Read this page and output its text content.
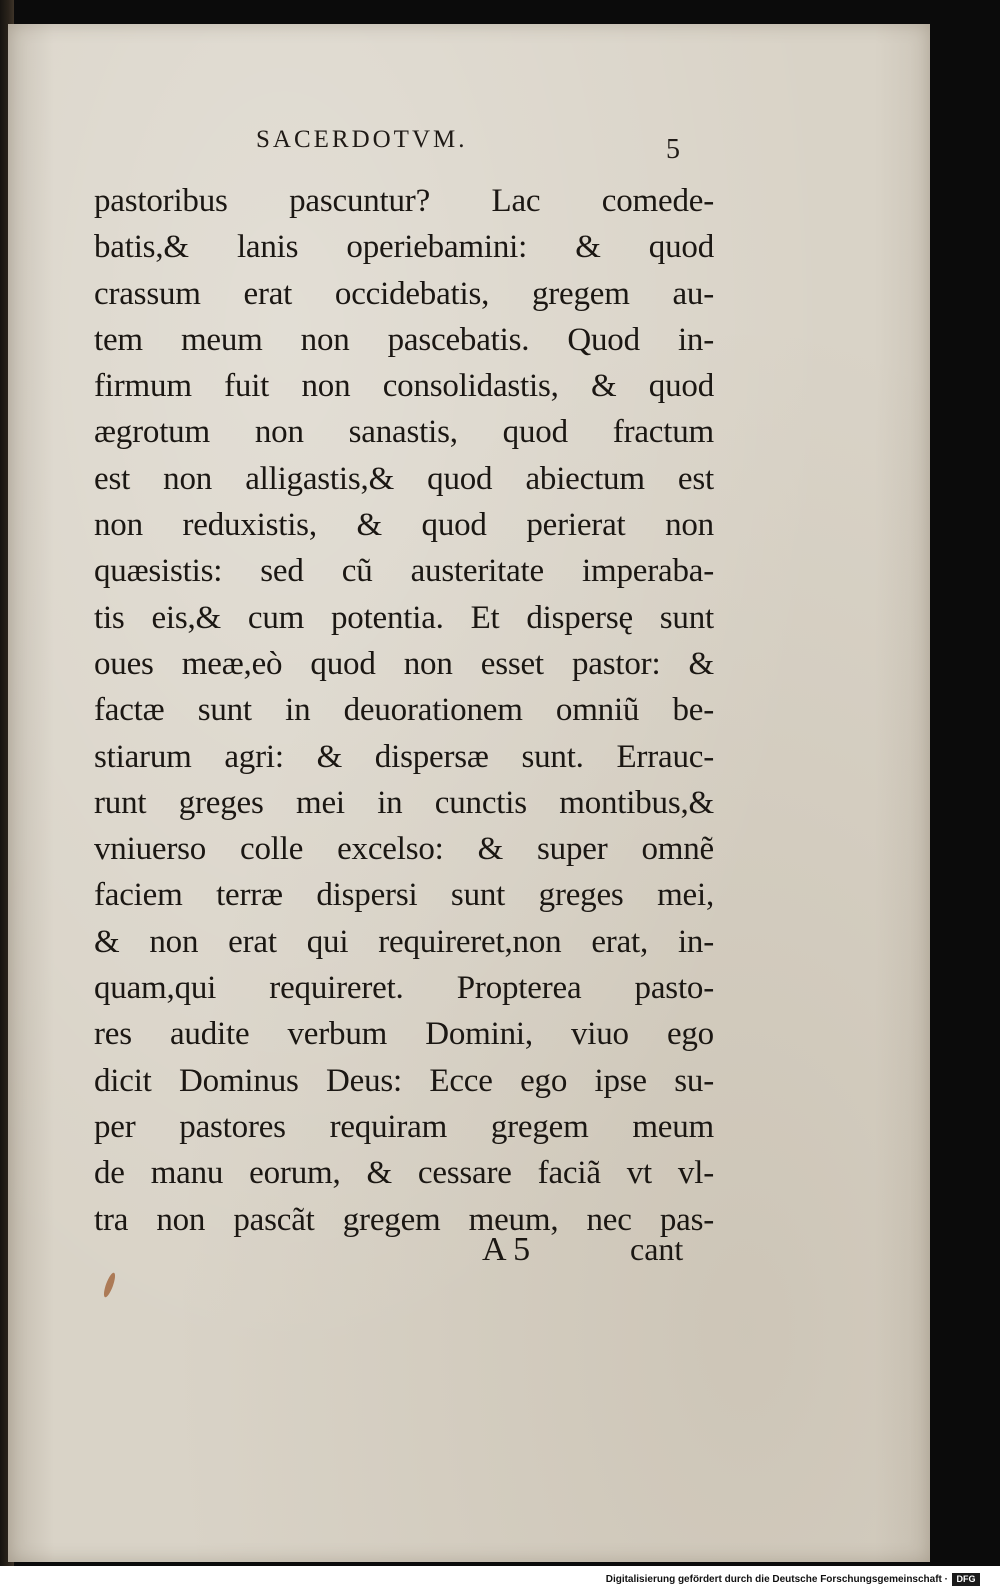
SACERDOTVM.	5
pastoribus pascuntur? Lac comede-
batis,& lanis operiebamini: & quod
crassum erat occidebatis, gregem au-
tem meum non pascebatis. Quod in-
firmum fuit non consolidastis, & quod
ægrotum non sanastis, quod fractum
est non alligastis,& quod abiectum est
non reduxistis, & quod perierat non
quæsistis: sed cũ austeritate imperaba-
tis eis,& cum potentia. Et dispersę sunt
oues meæ,eò quod non esset pastor: &
factæ sunt in deuorationem omniũ be-
stiarum agri: & dispersæ sunt. Errauc-
runt greges mei in cunctis montibus,&
vniuerso colle excelso: & super omnẽ
faciem terræ dispersi sunt greges mei,
& non erat qui requireret,non erat, in-
quam,qui requireret. Propterea pasto-
res audite verbum Domini, viuo ego
dicit Dominus Deus: Ecce ego ipse su-
per pastores requiram gregem meum
de manu eorum, & cessare faciã vt vl-
tra non pascãt gregem meum, nec pas-
A 5	cant
Digitalisierung gefördert durch die Deutsche Forschungsgemeinschaft · DFG
